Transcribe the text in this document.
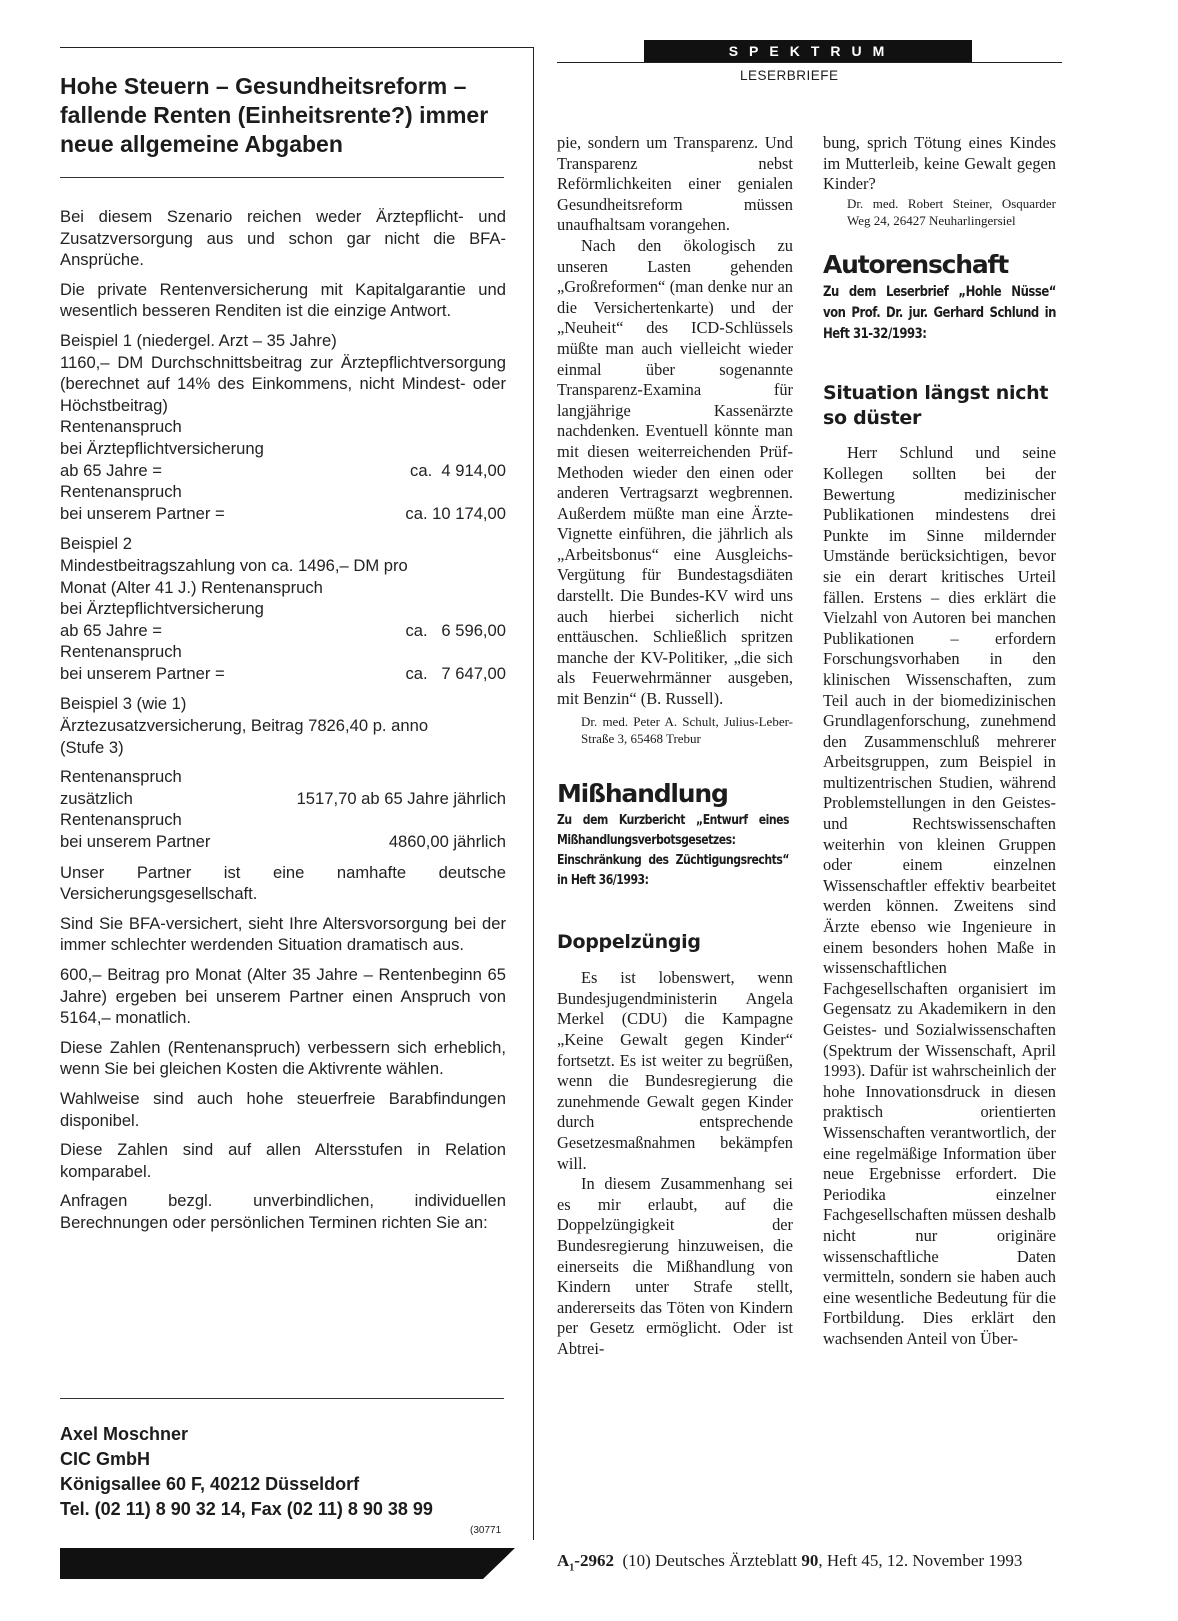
Hohe Steuern – Gesundheitsreform – fallende Renten (Einheitsrente?) immer neue allgemeine Abgaben

Bei diesem Szenario reichen weder Ärztepflicht- und Zusatzversorgung aus und schon gar nicht die BFA-Ansprüche.

Die private Rentenversicherung mit Kapitalgarantie und wesentlich besseren Renditen ist die einzige Antwort.

Beispiel 1 (niedergel. Arzt – 35 Jahre)
1160,– DM Durchschnittsbeitrag zur Ärztepflichtversorgung (berechnet auf 14% des Einkommens, nicht Mindest- oder Höchstbeitrag)
Rentenanspruch
bei Ärztepflichtversicherung
ab 65 Jahre =	ca.  4 914,00
Rentenanspruch
bei unserem Partner =	ca. 10 174,00
Beispiel 2
Mindestbeitragszahlung von ca. 1496,– DM pro
Monat (Alter 41 J.) Rentenanspruch
bei Ärztepflichtversicherung
ab 65 Jahre =	ca.   6 596,00
Rentenanspruch
bei unserem Partner =	ca.   7 647,00
Beispiel 3 (wie 1)
Ärztezusatzversicherung, Beitrag 7826,40 p. anno
(Stufe 3)
Rentenanspruch
zusätzlich	1517,70 ab 65 Jahre jährlich
Rentenanspruch
bei unserem Partner	4860,00 jährlich

Unser Partner ist eine namhafte deutsche Versicherungsgesellschaft.

Sind Sie BFA-versichert, sieht Ihre Altersvorsorgung bei der immer schlechter werdenden Situation dramatisch aus.

600,– Beitrag pro Monat (Alter 35 Jahre – Rentenbeginn 65 Jahre) ergeben bei unserem Partner einen Anspruch von 5164,– monatlich.

Diese Zahlen (Rentenanspruch) verbessern sich erheblich, wenn Sie bei gleichen Kosten die Aktivrente wählen.

Wahlweise sind auch hohe steuerfreie Barabfindungen disponibel.

Diese Zahlen sind auf allen Altersstufen in Relation komparabel.

Anfragen bezgl. unverbindlichen, individuellen Berechnungen oder persönlichen Terminen richten Sie an:

Axel Moschner
CIC GmbH
Königsallee 60 F, 40212 Düsseldorf
Tel. (02 11) 8 90 32 14, Fax (02 11) 8 90 38 99
(30771
SPEKTRUM
LESERBRIEFE

pie, sondern um Transparenz. Und Transparenz nebst Reförmlichkeiten einer genialen Gesundheitsreform müssen unaufhaltsam vorangehen.

Nach den ökologisch zu unseren Lasten gehenden „Großreformen“ (man denke nur an die Versichertenkarte) und der „Neuheit“ des ICD-Schlüssels müßte man auch vielleicht wieder einmal über sogenannte Transparenz-Examina für langjährige Kassenärzte nachdenken. Eventuell könnte man mit diesen weiterreichenden Prüf-Methoden wieder den einen oder anderen Vertragsarzt wegbrennen. Außerdem müßte man eine Ärzte-Vignette einführen, die jährlich als „Arbeitsbonus“ eine Ausgleichs-Vergütung für Bundestagsdiäten darstellt. Die Bundes-KV wird uns auch hierbei sicherlich nicht enttäuschen. Schließlich spritzen manche der KV-Politiker, „die sich als Feuerwehrmänner ausgeben, mit Benzin“ (B. Russell).

Dr. med. Peter A. Schult, Julius-Leber-Straße 3, 65468 Trebur
Mißhandlung

Zu dem Kurzbericht „Entwurf eines Mißhandlungsverbotsgesetzes: Einschränkung des Züchtigungsrechts“ in Heft 36/1993:

Doppelzüngig

Es ist lobenswert, wenn Bundesjugendministerin Angela Merkel (CDU) die Kampagne „Keine Gewalt gegen Kinder“ fortsetzt. Es ist weiter zu begrüßen, wenn die Bundesregierung die zunehmende Gewalt gegen Kinder durch entsprechende Gesetzesmaßnahmen bekämpfen will.

In diesem Zusammenhang sei es mir erlaubt, auf die Doppelzüngigkeit der Bundesregierung hinzuweisen, die einerseits die Mißhandlung von Kindern unter Strafe stellt, andererseits das Töten von Kindern per Gesetz ermöglicht. Oder ist Abtrei-

bung, sprich Tötung eines Kindes im Mutterleib, keine Gewalt gegen Kinder?

Dr. med. Robert Steiner, Osquarder Weg 24, 26427 Neuharlingersiel
Autorenschaft

Zu dem Leserbrief „Hohle Nüsse“ von Prof. Dr. jur. Gerhard Schlund in Heft 31-32/1993:

Situation längst nicht so düster

Herr Schlund und seine Kollegen sollten bei der Bewertung medizinischer Publikationen mindestens drei Punkte im Sinne mildernder Umstände berücksichtigen, bevor sie ein derart kritisches Urteil fällen. Erstens – dies erklärt die Vielzahl von Autoren bei manchen Publikationen – erfordern Forschungsvorhaben in den klinischen Wissenschaften, zum Teil auch in der biomedizinischen Grundlagenforschung, zunehmend den Zusammenschluß mehrerer Arbeitsgruppen, zum Beispiel in multizentrischen Studien, während Problemstellungen in den Geistes- und Rechtswissenschaften weiterhin von kleinen Gruppen oder einem einzelnen Wissenschaftler effektiv bearbeitet werden können. Zweitens sind Ärzte ebenso wie Ingenieure in einem besonders hohen Maße in wissenschaftlichen Fachgesellschaften organisiert im Gegensatz zu Akademikern in den Geistes- und Sozialwissenschaften (Spektrum der Wissenschaft, April 1993). Dafür ist wahrscheinlich der hohe Innovationsdruck in diesen praktisch orientierten Wissenschaften verantwortlich, der eine regelmäßige Information über neue Ergebnisse erfordert. Die Periodika einzelner Fachgesellschaften müssen deshalb nicht nur originäre wissenschaftliche Daten vermitteln, sondern sie haben auch eine wesentliche Bedeutung für die Fortbildung. Dies erklärt den wachsenden Anteil von Über-

$A_1-2962$ (10) Deutsches Ärzteblatt 90, Heft 45, 12. November 1993
